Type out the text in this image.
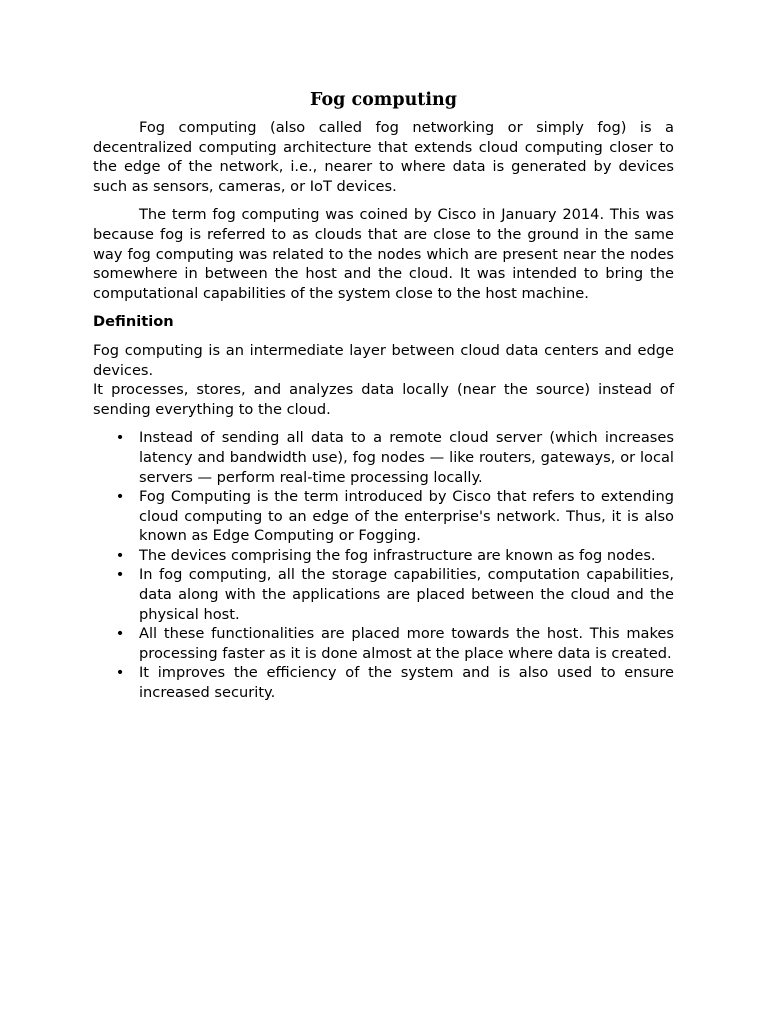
Fog computing

Fog computing (also called fog networking or simply fog) is a decentralized computing architecture that extends cloud computing closer to the edge of the network, i.e., nearer to where data is generated by devices such as sensors, cameras, or IoT devices.

The term fog computing was coined by Cisco in January 2014. This was because fog is referred to as clouds that are close to the ground in the same way fog computing was related to the nodes which are present near the nodes somewhere in between the host and the cloud. It was intended to bring the computational capabilities of the system close to the host machine.

Definition
Fog computing is an intermediate layer between cloud data centers and edge devices.
It processes, stores, and analyzes data locally (near the source) instead of sending everything to the cloud.
• Instead of sending all data to a remote cloud server (which increases latency and bandwidth use), fog nodes — like routers, gateways, or local servers — perform real-time processing locally.
• Fog Computing is the term introduced by Cisco that refers to extending cloud computing to an edge of the enterprise's network. Thus, it is also known as Edge Computing or Fogging.
• The devices comprising the fog infrastructure are known as fog nodes.
• In fog computing, all the storage capabilities, computation capabilities, data along with the applications are placed between the cloud and the physical host.
• All these functionalities are placed more towards the host. This makes processing faster as it is done almost at the place where data is created.
• It improves the efficiency of the system and is also used to ensure increased security.
